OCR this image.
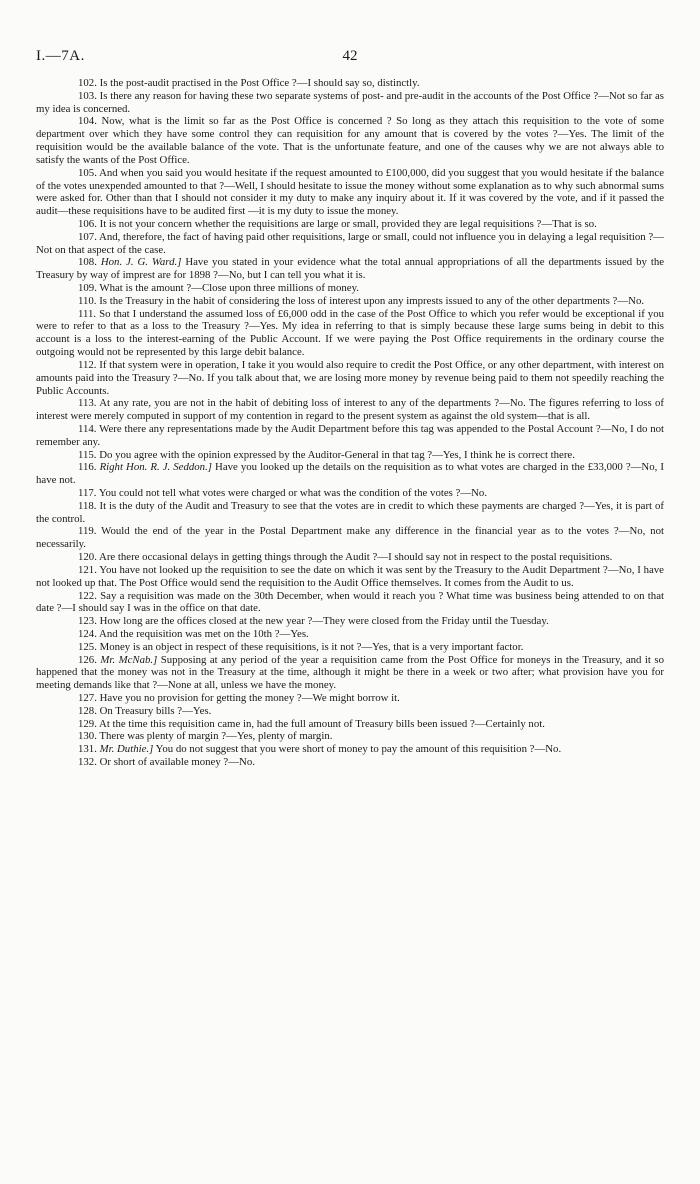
I.—7A.	42

102. Is the post-audit practised in the Post Office ?—I should say so, distinctly.

103. Is there any reason for having these two separate systems of post- and pre-audit in the accounts of the Post Office ?—Not so far as my idea is concerned.

104. Now, what is the limit so far as the Post Office is concerned ? So long as they attach this requisition to the vote of some department over which they have some control they can requisition for any amount that is covered by the votes ?—Yes. The limit of the requisition would be the available balance of the vote. That is the unfortunate feature, and one of the causes why we are not always able to satisfy the wants of the Post Office.

105. And when you said you would hesitate if the request amounted to £100,000, did you suggest that you would hesitate if the balance of the votes unexpended amounted to that ?—Well, I should hesitate to issue the money without some explanation as to why such abnormal sums were asked for. Other than that I should not consider it my duty to make any inquiry about it. If it was covered by the vote, and if it passed the audit—these requisitions have to be audited first —it is my duty to issue the money.

106. It is not your concern whether the requisitions are large or small, provided they are legal requisitions ?—That is so.

107. And, therefore, the fact of having paid other requisitions, large or small, could not influence you in delaying a legal requisition ?—Not on that aspect of the case.

108. Hon. J. G. Ward.] Have you stated in your evidence what the total annual appropriations of all the departments issued by the Treasury by way of imprest are for 1898 ?—No, but I can tell you what it is.

109. What is the amount ?—Close upon three millions of money.

110. Is the Treasury in the habit of considering the loss of interest upon any imprests issued to any of the other departments ?—No.

111. So that I understand the assumed loss of £6,000 odd in the case of the Post Office to which you refer would be exceptional if you were to refer to that as a loss to the Treasury ?—Yes. My idea in referring to that is simply because these large sums being in debit to this account is a loss to the interest-earning of the Public Account. If we were paying the Post Office requirements in the ordinary course the outgoing would not be represented by this large debit balance.

112. If that system were in operation, I take it you would also require to credit the Post Office, or any other department, with interest on amounts paid into the Treasury ?—No. If you talk about that, we are losing more money by revenue being paid to them not speedily reaching the Public Accounts.

113. At any rate, you are not in the habit of debiting loss of interest to any of the departments ?—No. The figures referring to loss of interest were merely computed in support of my contention in regard to the present system as against the old system—that is all.

114. Were there any representations made by the Audit Department before this tag was appended to the Postal Account ?—No, I do not remember any.

115. Do you agree with the opinion expressed by the Auditor-General in that tag ?—Yes, I think he is correct there.

116. Right Hon. R. J. Seddon.] Have you looked up the details on the requisition as to what votes are charged in the £33,000 ?—No, I have not.

117. You could not tell what votes were charged or what was the condition of the votes ?—No.

118. It is the duty of the Audit and Treasury to see that the votes are in credit to which these payments are charged ?—Yes, it is part of the control.

119. Would the end of the year in the Postal Department make any difference in the financial year as to the votes ?—No, not necessarily.

120. Are there occasional delays in getting things through the Audit ?—I should say not in respect to the postal requisitions.

121. You have not looked up the requisition to see the date on which it was sent by the Treasury to the Audit Department ?—No, I have not looked up that. The Post Office would send the requisition to the Audit Office themselves. It comes from the Audit to us.

122. Say a requisition was made on the 30th December, when would it reach you ? What time was business being attended to on that date ?—I should say I was in the office on that date.

123. How long are the offices closed at the new year ?—They were closed from the Friday until the Tuesday.

124. And the requisition was met on the 10th ?—Yes.

125. Money is an object in respect of these requisitions, is it not ?—Yes, that is a very important factor.

126. Mr. McNab.] Supposing at any period of the year a requisition came from the Post Office for moneys in the Treasury, and it so happened that the money was not in the Treasury at the time, although it might be there in a week or two after; what provision have you for meeting demands like that ?—None at all, unless we have the money.

127. Have you no provision for getting the money ?—We might borrow it.

128. On Treasury bills ?—Yes.

129. At the time this requisition came in, had the full amount of Treasury bills been issued ?—Certainly not.

130. There was plenty of margin ?—Yes, plenty of margin.

131. Mr. Duthie.] You do not suggest that you were short of money to pay the amount of this requisition ?—No.

132. Or short of available money ?—No.
